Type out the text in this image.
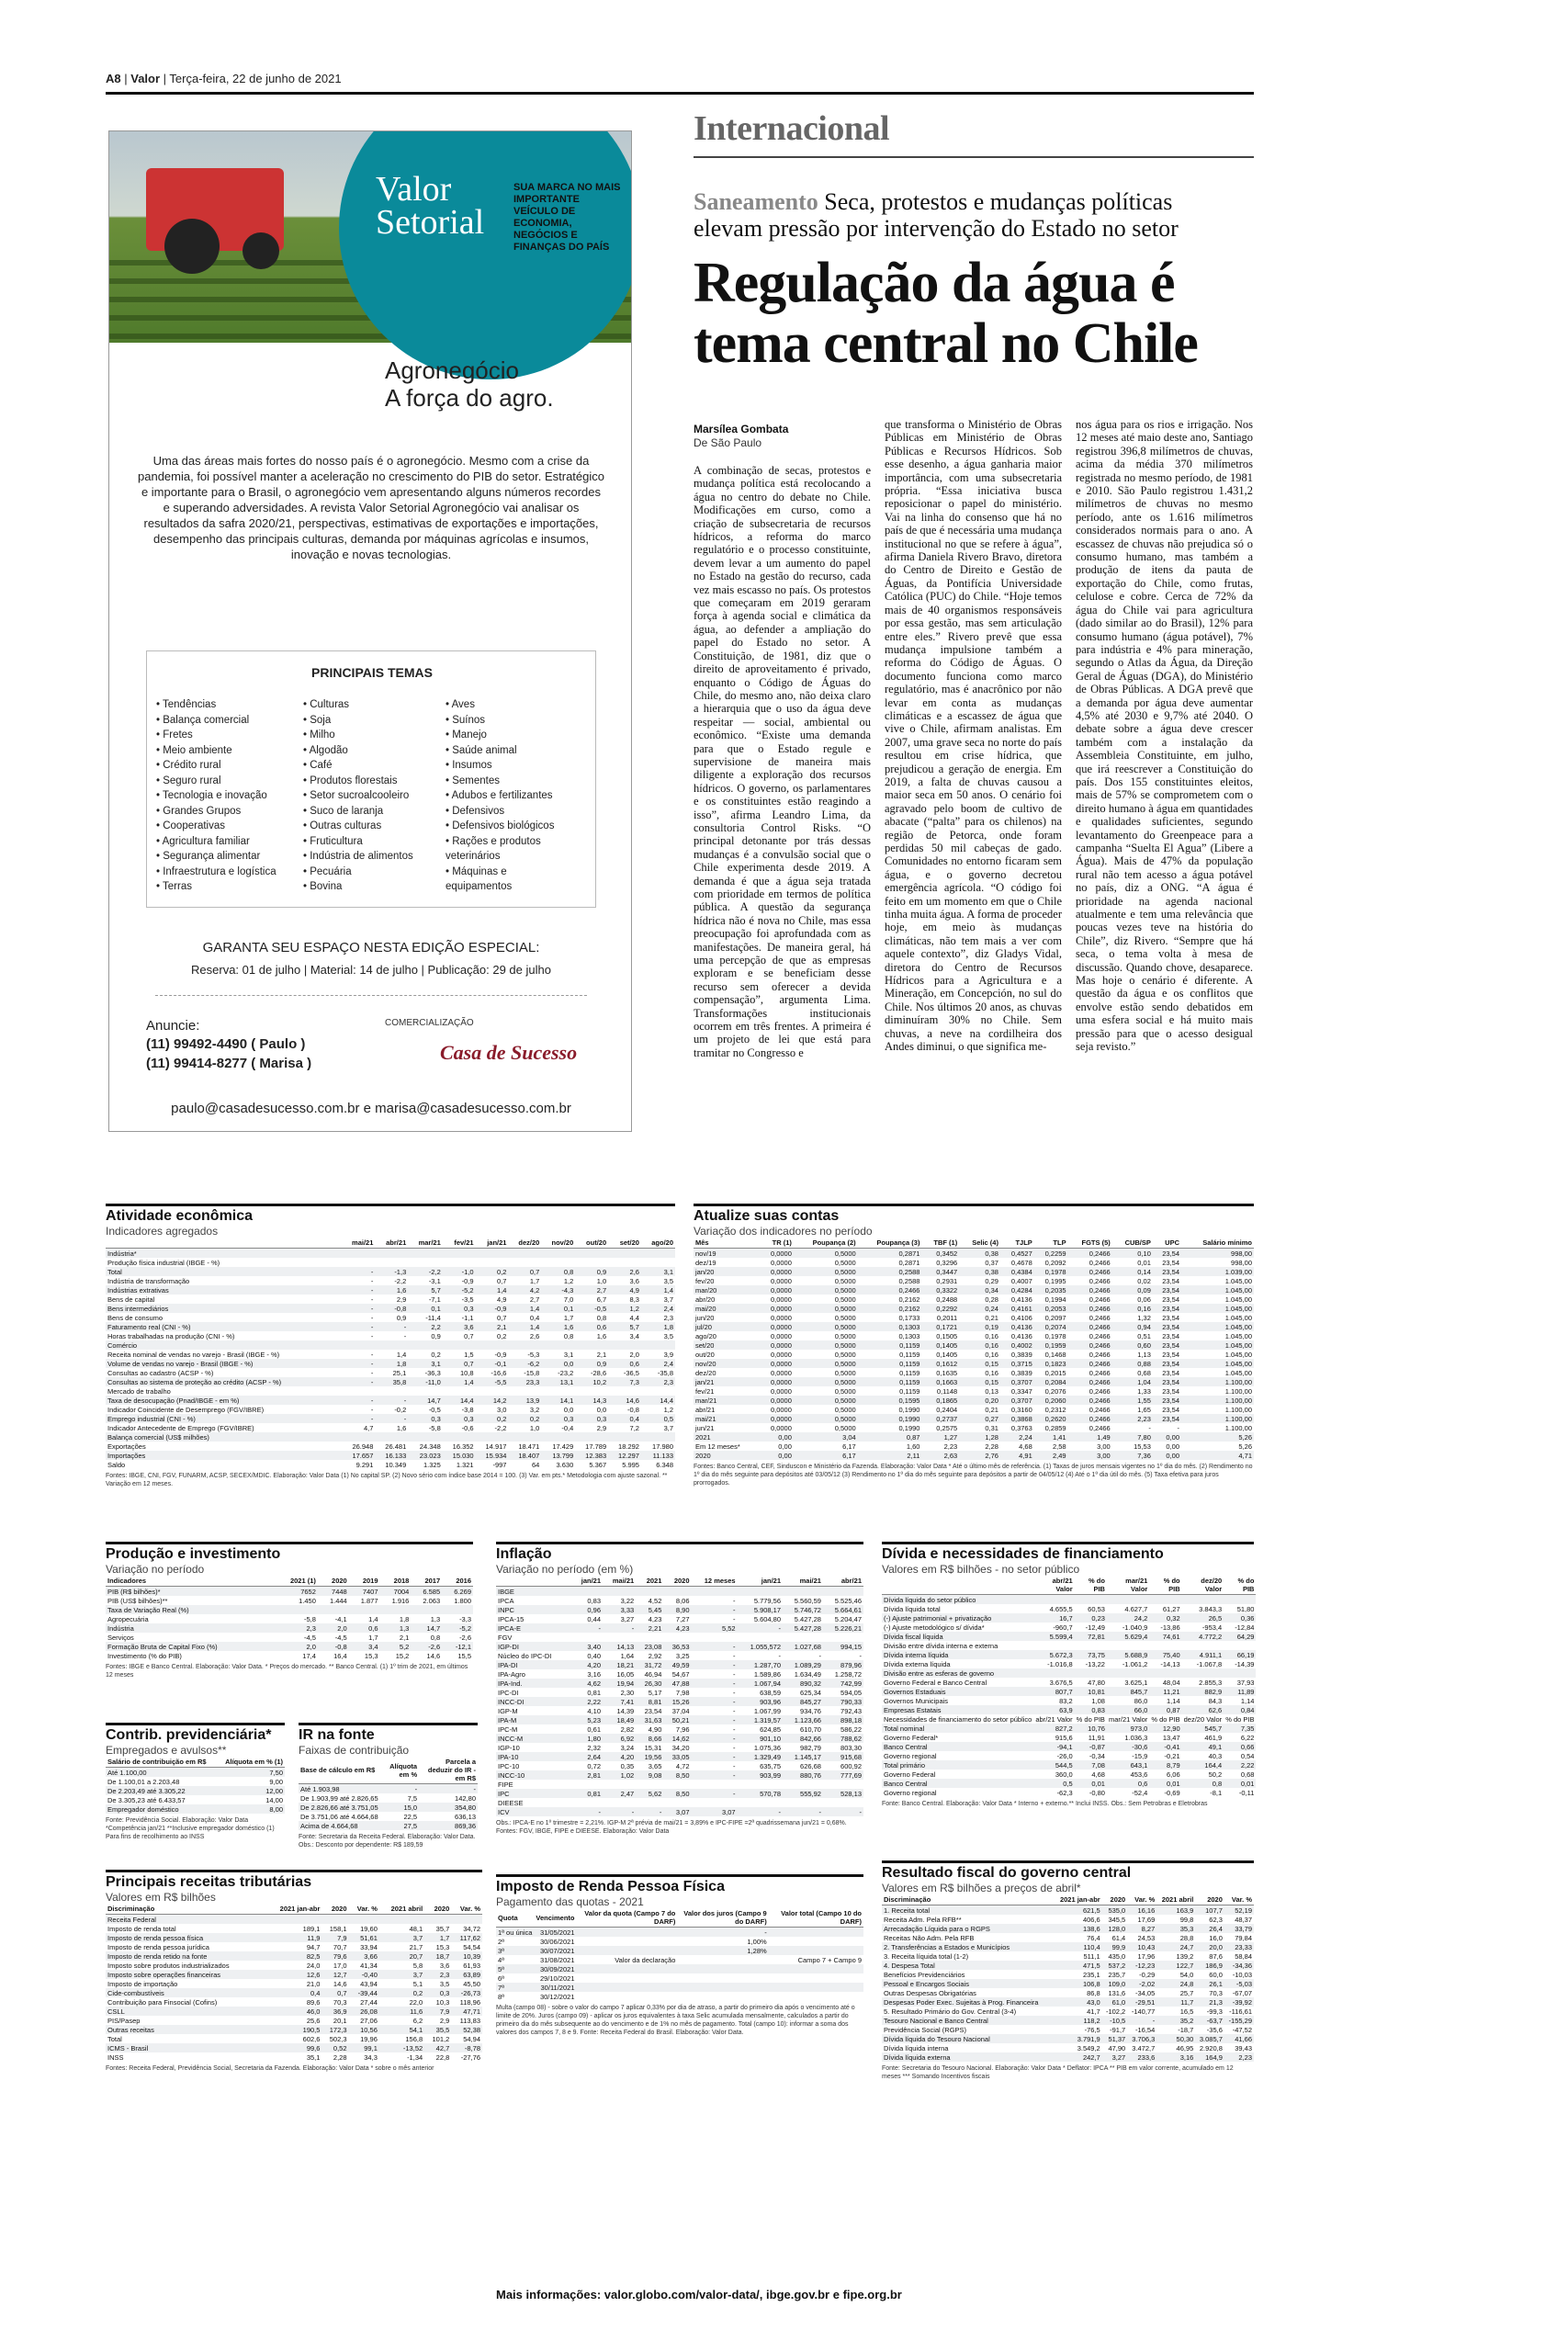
A8 | Valor | Terça-feira, 22 de junho de 2021
Valor
Setorial
SUA MARCA NO MAIS IMPORTANTE VEÍCULO DE ECONOMIA, NEGÓCIOS E FINANÇAS DO PAÍS
Agronegócio
A força do agro.
Uma das áreas mais fortes do nosso país é o agronegócio. Mesmo com a crise da pandemia, foi possível manter a aceleração no crescimento do PIB do setor. Estratégico e importante para o Brasil, o agronegócio vem apresentando alguns números recordes e superando adversidades. A revista Valor Setorial Agronegócio vai analisar os resultados da safra 2020/21, perspectivas, estimativas de exportações e importações, desempenho das principais culturas, demanda por máquinas agrícolas e insumos, inovação e novas tecnologias.
PRINCIPAIS TEMAS
• Tendências
• Balança comercial
• Fretes
• Meio ambiente
• Crédito rural
• Seguro rural
• Tecnologia e inovação
• Grandes Grupos
• Cooperativas
• Agricultura familiar
• Segurança alimentar
• Infraestrutura e logística
• Terras
• Culturas
• Soja
• Milho
• Algodão
• Café
• Produtos florestais
• Setor sucroalcooleiro
• Suco de laranja
• Outras culturas
• Fruticultura
• Indústria de alimentos
• Pecuária
• Bovina
• Aves
• Suínos
• Manejo
• Saúde animal
• Insumos
• Sementes
• Adubos e fertilizantes
• Defensivos
• Defensivos biológicos
• Rações e produtos
veterinários
• Máquinas e
equipamentos
GARANTA SEU ESPAÇO NESTA EDIÇÃO ESPECIAL:
Reserva: 01 de julho | Material: 14 de julho | Publicação: 29 de julho
Anuncie:
(11) 99492-4490 ( Paulo )
(11) 99414-8277 ( Marisa )
COMERCIALIZAÇÃO
Casa de Sucesso
paulo@casadesucesso.com.br e marisa@casadesucesso.com.br
Internacional
Saneamento Seca, protestos e mudanças políticas elevam pressão por intervenção do Estado no setor
Regulação da água é tema central no Chile
Marsílea Gombata
De São Paulo
A combinação de secas, protestos e mudança política está recolocando a água no centro do debate no Chile. Modificações em curso, como a criação de subsecretaria de recursos hídricos, a reforma do marco regulatório e o processo constituinte, devem levar a um aumento do papel no Estado na gestão do recurso, cada vez mais escasso no país. Os protestos que começaram em 2019 geraram força à agenda social e climática da água, ao defender a ampliação do papel do Estado no setor. A Constituição, de 1981, diz que o direito de aproveitamento é privado, enquanto o Código de Águas do Chile, do mesmo ano, não deixa claro a hierarquia que o uso da água deve respeitar — social, ambiental ou econômico. “Existe uma demanda para que o Estado regule e supervisione de maneira mais diligente a exploração dos recursos hídricos. O governo, os parlamentares e os constituintes estão reagindo a isso”, afirma Leandro Lima, da consultoria Control Risks. “O principal detonante por trás dessas mudanças é a convulsão social que o Chile experimenta desde 2019. A demanda é que a água seja tratada com prioridade em termos de política pública. A questão da segurança hídrica não é nova no Chile, mas essa preocupação foi aprofundada com as manifestações. De maneira geral, há uma percepção de que as empresas exploram e se beneficiam desse recurso sem oferecer a devida compensação”, argumenta Lima. Transformações institucionais ocorrem em três frentes. A primeira é um projeto de lei que está para tramitar no Congresso e
que transforma o Ministério de Obras Públicas em Ministério de Obras Públicas e Recursos Hídricos. Sob esse desenho, a água ganharia maior importância, com uma subsecretaria própria. “Essa iniciativa busca reposicionar o papel do ministério. Vai na linha do consenso que há no país de que é necessária uma mudança institucional no que se refere à água”, afirma Daniela Rivero Bravo, diretora do Centro de Direito e Gestão de Águas, da Pontifícia Universidade Católica (PUC) do Chile. “Hoje temos mais de 40 organismos responsáveis por essa gestão, mas sem articulação entre eles.” Rivero prevê que essa mudança impulsione também a reforma do Código de Águas. O documento funciona como marco regulatório, mas é anacrônico por não levar em conta as mudanças climáticas e a escassez de água que vive o Chile, afirmam analistas. Em 2007, uma grave seca no norte do país resultou em crise hídrica, que prejudicou a geração de energia. Em 2019, a falta de chuvas causou a maior seca em 50 anos. O cenário foi agravado pelo boom de cultivo de abacate (“palta” para os chilenos) na região de Petorca, onde foram perdidas 50 mil cabeças de gado. Comunidades no entorno ficaram sem água, e o governo decretou emergência agrícola. “O código foi feito em um momento em que o Chile tinha muita água. A forma de proceder hoje, em meio às mudanças climáticas, não tem mais a ver com aquele contexto”, diz Gladys Vidal, diretora do Centro de Recursos Hídricos para a Agricultura e a Mineração, em Concepción, no sul do Chile. Nos últimos 20 anos, as chuvas diminuíram 30% no Chile. Sem chuvas, a neve na cordilheira dos Andes diminui, o que significa me-
nos água para os rios e irrigação. Nos 12 meses até maio deste ano, Santiago registrou 396,8 milímetros de chuvas, acima da média 370 milímetros registrada no mesmo período, de 1981 e 2010. São Paulo registrou 1.431,2 milímetros de chuvas no mesmo período, ante os 1.616 milímetros considerados normais para o ano. A escassez de chuvas não prejudica só o consumo humano, mas também a produção de itens da pauta de exportação do Chile, como frutas, celulose e cobre. Cerca de 72% da água do Chile vai para agricultura (dado similar ao do Brasil), 12% para consumo humano (água potável), 7% para indústria e 4% para mineração, segundo o Atlas da Água, da Direção Geral de Águas (DGA), do Ministério de Obras Públicas. A DGA prevê que a demanda por água deve aumentar 4,5% até 2030 e 9,7% até 2040. O debate sobre a água deve crescer também com a instalação da Assembleia Constituinte, em julho, que irá reescrever a Constituição do país. Dos 155 constituintes eleitos, mais de 57% se comprometem com o direito humano à água em quantidades e qualidades suficientes, segundo levantamento do Greenpeace para a campanha “Suelta El Agua” (Libere a Água). Mais de 47% da população rural não tem acesso a água potável no país, diz a ONG. “A água é prioridade na agenda nacional atualmente e tem uma relevância que poucas vezes teve na história do Chile”, diz Rivero. “Sempre que há seca, o tema volta à mesa de discussão. Quando chove, desaparece. Mas hoje o cenário é diferente. A questão da água e os conflitos que envolve estão sendo debatidos em uma esfera social e há muito mais pressão para que o acesso desigual seja revisto.”
Atividade econômica
Indicadores agregados
	mai/21	abr/21	mar/21	fev/21	jan/21	dez/20	nov/20	out/20	set/20	ago/20
Indústria*										
Produção física industrial (IBGE - %)										
Total	-	-1,3	-2,2	-1,0	0,2	0,7	0,8	0,9	2,6	3,1
Indústria de transformação	-	-2,2	-3,1	-0,9	0,7	1,7	1,2	1,0	3,6	3,5
Indústrias extrativas	-	1,6	5,7	-5,2	1,4	4,2	-4,3	2,7	4,9	1,4
Bens de capital	-	2,9	-7,1	-3,5	4,9	2,7	7,0	6,7	8,3	3,7
Bens intermediários	-	-0,8	0,1	0,3	-0,9	1,4	0,1	-0,5	1,2	2,4
Bens de consumo	-	0,9	-11,4	-1,1	0,7	0,4	1,7	0,8	4,4	2,3
Faturamento real (CNI - %)	-	-	2,2	3,6	2,1	1,4	1,6	0,6	5,7	1,8
Horas trabalhadas na produção (CNI - %)	-	-	0,9	0,7	0,2	2,6	0,8	1,6	3,4	3,5
Comércio										
Receita nominal de vendas no varejo - Brasil (IBGE - %)	-	1,4	0,2	1,5	-0,9	-5,3	3,1	2,1	2,0	3,9
Volume de vendas no varejo - Brasil (IBGE - %)	-	1,8	3,1	0,7	-0,1	-6,2	0,0	0,9	0,6	2,4
Consultas ao cadastro (ACSP - %)	-	25,1	-36,3	10,8	-16,6	-15,8	-23,2	-28,6	-36,5	-35,8
Consultas ao sistema de proteção ao crédito (ACSP - %)	-	35,8	-11,0	1,4	-5,5	23,3	13,1	10,2	7,3	2,3
Mercado de trabalho										
Taxa de desocupação (Pnad/IBGE - em %)	-	-	14,7	14,4	14,2	13,9	14,1	14,3	14,6	14,4
Indicador Coincidente de Desemprego (FGV/IBRE)	-	-0,2	-0,5	-3,8	3,0	3,2	0,0	0,0	-0,8	1,2
Emprego industrial (CNI - %)	-	-	0,3	0,3	0,2	0,2	0,3	0,3	0,4	0,5
Indicador Antecedente de Emprego (FGV/IBRE)	4,7	1,6	-5,8	-0,6	-2,2	1,0	-0,4	2,9	7,2	3,7
Balança comercial (US$ milhões)										
Exportações	26.948	26.481	24.348	16.352	14.917	18.471	17.429	17.789	18.292	17.980
Importações	17.657	16.133	23.023	15.030	15.934	18.407	13.799	12.383	12.297	11.133
Saldo	9.291	10.349	1.325	1.321	-997	64	3.630	5.367	5.995	6.348
Fontes: IBGE, CNI, FGV, FUNARM, ACSP, SECEX/MDIC. Elaboração: Valor Data (1) No capital SP. (2) Novo sério com índice base 2014 = 100. (3) Var. em pts.* Metodologia com ajuste sazonal. ** Variação em 12 meses.
Atualize suas contas
Variação dos indicadores no período
Mês	TR (1)	Poupança (2)	Poupança (3)	TBF (1)	Selic (4)	TJLP	TLP	FGTS (5)	CUB/SP	UPC	Salário mínimo
nov/19	0,0000	0,5000	0,2871	0,3452	0,38	0,4527	0,2259	0,2466	0,10	23,54	998,00
dez/19	0,0000	0,5000	0,2871	0,3296	0,37	0,4678	0,2092	0,2466	0,01	23,54	998,00
jan/20	0,0000	0,5000	0,2588	0,3447	0,38	0,4384	0,1978	0,2466	0,14	23,54	1.039,00
fev/20	0,0000	0,5000	0,2588	0,2931	0,29	0,4007	0,1995	0,2466	0,02	23,54	1.045,00
mar/20	0,0000	0,5000	0,2466	0,3322	0,34	0,4284	0,2035	0,2466	0,09	23,54	1.045,00
abr/20	0,0000	0,5000	0,2162	0,2488	0,28	0,4136	0,1994	0,2466	0,06	23,54	1.045,00
mai/20	0,0000	0,5000	0,2162	0,2292	0,24	0,4161	0,2053	0,2466	0,16	23,54	1.045,00
jun/20	0,0000	0,5000	0,1733	0,2011	0,21	0,4106	0,2097	0,2466	1,32	23,54	1.045,00
jul/20	0,0000	0,5000	0,1303	0,1721	0,19	0,4136	0,2074	0,2466	0,94	23,54	1.045,00
ago/20	0,0000	0,5000	0,1303	0,1505	0,16	0,4136	0,1978	0,2466	0,51	23,54	1.045,00
set/20	0,0000	0,5000	0,1159	0,1405	0,16	0,4002	0,1959	0,2466	0,60	23,54	1.045,00
out/20	0,0000	0,5000	0,1159	0,1405	0,16	0,3839	0,1468	0,2466	1,13	23,54	1.045,00
nov/20	0,0000	0,5000	0,1159	0,1612	0,15	0,3715	0,1823	0,2466	0,88	23,54	1.045,00
dez/20	0,0000	0,5000	0,1159	0,1635	0,16	0,3839	0,2015	0,2466	0,68	23,54	1.045,00
jan/21	0,0000	0,5000	0,1159	0,1663	0,15	0,3707	0,2084	0,2466	1,04	23,54	1.100,00
fev/21	0,0000	0,5000	0,1159	0,1148	0,13	0,3347	0,2076	0,2466	1,33	23,54	1.100,00
mar/21	0,0000	0,5000	0,1595	0,1865	0,20	0,3707	0,2060	0,2466	1,55	23,54	1.100,00
abr/21	0,0000	0,5000	0,1990	0,2404	0,21	0,3160	0,2312	0,2466	1,65	23,54	1.100,00
mai/21	0,0000	0,5000	0,1990	0,2737	0,27	0,3868	0,2620	0,2466	2,23	23,54	1.100,00
jun/21	0,0000	0,5000	0,1990	0,2575	0,31	0,3763	0,2859	0,2466	-	-	1.100,00
2021	0,00	3,04	0,87	1,27	1,28	2,24	1,41	1,49	7,80	0,00	5,26
Em 12 meses*	0,00	6,17	1,60	2,23	2,28	4,68	2,58	3,00	15,53	0,00	5,26
2020	0,00	6,17	2,11	2,63	2,76	4,91	2,49	3,00	7,36	0,00	4,71
Fontes: Banco Central, CEF, Sinduscon e Ministério da Fazenda. Elaboração: Valor Data * Até o último mês de referência. (1) Taxas de juros mensais vigentes no 1º dia do mês. (2) Rendimento no 1º dia do mês seguinte para depósitos até 03/05/12 (3) Rendimento no 1º dia do mês seguinte para depósitos a partir de 04/05/12 (4) Até o 1º dia útil do mês. (5) Taxa efetiva para juros prorrogados.
Produção e investimento
Variação no período
Indicadores	2021 (1)	2020	2019	2018	2017	2016
PIB (R$ bilhões)*	7652	7448	7407	7004	6.585	6.269
PIB (US$ bilhões)**	1.450	1.444	1.877	1.916	2.063	1.800
Taxa de Variação Real (%)						
Agropecuária	-5,8	-4,1	1,4	1,8	1,3	-3,3
Indústria	2,3	2,0	0,6	1,3	14,7	-5,2
Serviços	-4,5	-4,5	1,7	2,1	0,8	-2,6
Formação Bruta de Capital Fixo (%)	2,0	-0,8	3,4	5,2	-2,6	-12,1
Investimento (% do PIB)	17,4	16,4	15,3	15,2	14,6	15,5
Fontes: IBGE e Banco Central. Elaboração: Valor Data. * Preços do mercado. ** Banco Central. (1) 1º trim de 2021, em últimos 12 meses
Inflação
Variação no período (em %)
	jan/21	mai/21	2021	2020	12 meses	jan/21	mai/21	abr/21
IBGE								
IPCA	0,83	3,22	4,52	8,06	-	5.779,56	5.560,59	5.525,46
INPC	0,96	3,33	5,45	8,90	-	5.908,17	5.746,72	5.664,61
IPCA-15	0,44	3,27	4,23	7,27	-	5.604,80	5.427,28	5.204,47
IPCA-E	-	-	2,21	4,23	5,52	-	5.427,28	5.226,21
FGV								
IGP-DI	3,40	14,13	23,08	36,53	-	1.055,572	1.027,68	994,15
Núcleo do IPC-DI	0,40	1,64	2,92	3,25	-	-	-	-
IPA-DI	4,20	18,21	31,72	49,59	-	1.287,70	1.089,29	879,96
IPA-Agro	3,16	16,05	46,94	54,67	-	1.589,86	1.634,49	1.258,72
IPA-Ind.	4,62	19,94	26,30	47,88	-	1.067,94	890,32	742,99
IPC-DI	0,81	2,30	5,17	7,98	-	638,59	625,34	594,05
INCC-DI	2,22	7,41	8,81	15,26	-	903,96	845,27	790,33
IGP-M	4,10	14,39	23,54	37,04	-	1.067,99	934,76	792,43
IPA-M	5,23	18,49	31,63	50,21	-	1.319,57	1.123,66	898,18
IPC-M	0,61	2,82	4,90	7,96	-	624,85	610,70	586,22
INCC-M	1,80	6,92	8,66	14,62	-	901,10	842,66	788,62
IGP-10	2,32	3,24	15,31	34,20	-	1.075,36	982,79	803,30
IPA-10	2,64	4,20	19,56	33,05	-	1.329,49	1.145,17	915,68
IPC-10	0,72	0,35	3,65	4,72	-	635,75	626,68	600,92
INCC-10	2,81	1,02	9,08	8,50	-	903,99	880,76	777,69
FIPE								
IPC	0,81	2,47	5,62	8,50	-	570,78	555,92	528,13
DIEESE								
ICV	-	-	-	3,07	3,07	-	-	-
Obs.: IPCA-E no 1º trimestre = 2,21%. IGP-M 2ª prévia de mai/21 = 3,89% e IPC-FIPE =2ª quadrissemana jun/21 = 0,68%. Fontes: FGV, IBGE, FIPE e DIEESE. Elaboração: Valor Data
Dívida e necessidades de financiamento
Valores em R$ bilhões - no setor público
	abr/21 Valor	% do PIB	mar/21 Valor	% do PIB	dez/20 Valor	% do PIB
Dívida líquida do setor público						
Dívida líquida total	4.655,5	60,53	4.627,7	61,27	3.843,3	51,80
(-) Ajuste patrimonial + privatização	16,7	0,23	24,2	0,32	26,5	0,36
(-) Ajuste metodológico s/ dívida*	-960,7	-12,49	-1.040,9	-13,86	-953,4	-12,84
Dívida fiscal líquida	5.599,4	72,81	5.629,4	74,61	4.772,2	64,29
Divisão entre dívida interna e externa						
Dívida interna líquida	5.672,3	73,75	5.688,9	75,40	4.911,1	66,19
Dívida externa líquida	-1.016,8	-13,22	-1.061,2	-14,13	-1.067,8	-14,39
Divisão entre as esferas de governo						
Governo Federal e Banco Central	3.676,5	47,80	3.625,1	48,04	2.855,3	37,93
Governos Estaduais	807,7	10,81	845,7	11,21	882,9	11,89
Governos Municipais	83,2	1,08	86,0	1,14	84,3	1,14
Empresas Estatais	63,9	0,83	66,0	0,87	62,6	0,84
Necessidades de financiamento do setor público	abr/21 Valor	% do PIB	mar/21 Valor	% do PIB	dez/20 Valor	% do PIB
Total nominal	827,2	10,76	973,0	12,90	545,7	7,35
Governo Federal*	915,6	11,91	1.036,3	13,47	461,9	6,22
Banco Central	-94,1	-0,87	-30,6	-0,41	49,1	0,66
Governo regional	-26,0	-0,34	-15,9	-0,21	40,3	0,54
Total primário	544,5	7,08	643,1	8,79	164,4	2,22
Governo Federal	360,0	4,68	453,6	6,06	50,2	0,68
Banco Central	0,5	0,01	0,6	0,01	0,8	0,01
Governo regional	-62,3	-0,80	-52,4	-0,69	-8,1	-0,11
Fonte: Banco Central. Elaboração: Valor Data * Interno + externo.** Inclui INSS. Obs.: Sem Petrobras e Eletrobras
Contrib. previdenciária*
Empregados e avulsos**
Salário de contribuição em R$	Alíquota em % (1)
Até 1.100,00	7,50
De 1.100,01 a 2.203,48	9,00
De 2.203,49 até 3.305,22	12,00
De 3.305,23 até 6.433,57	14,00
Empregador doméstico	8,00
Fonte: Previdência Social. Elaboração: Valor Data *Competência jan/21 **Inclusive empregador doméstico (1) Para fins de recolhimento ao INSS
IR na fonte
Faixas de contribuição
Base de cálculo em R$	Alíquota em %	Parcela a deduzir do IR - em R$
Até 1.903,98	-	-
De 1.903,99 até 2.826,65	7,5	142,80
De 2.826,66 até 3.751,05	15,0	354,80
De 3.751,06 até 4.664,68	22,5	636,13
Acima de 4.664,68	27,5	869,36
Fonte: Secretaria da Receita Federal. Elaboração: Valor Data. Obs.: Desconto por dependente: R$ 189,59
Principais receitas tributárias
Valores em R$ bilhões
Discriminação	2021 jan-abr	2020	Var. %	2021 abril	2020	Var. %
Receita Federal						
Imposto de renda total	189,1	158,1	19,60	48,1	35,7	34,72
Imposto de renda pessoa física	11,9	7,9	51,61	3,7	1,7	117,62
Imposto de renda pessoa jurídica	94,7	70,7	33,94	21,7	15,3	54,54
Imposto de renda retido na fonte	82,5	79,6	3,66	20,7	18,7	10,39
Imposto sobre produtos industrializados	24,0	17,0	41,34	5,8	3,6	61,93
Imposto sobre operações financeiras	12,6	12,7	-0,40	3,7	2,3	63,89
Imposto de importação	21,0	14,6	43,94	5,1	3,5	45,50
Cide-combustíveis	0,4	0,7	-39,44	0,2	0,3	-26,73
Contribuição para Finsocial (Cofins)	89,6	70,3	27,44	22,0	10,3	118,96
CSLL	46,0	36,9	26,08	11,6	7,9	47,71
PIS/Pasep	25,6	20,1	27,06	6,2	2,9	113,83
Outras receitas	190,5	172,3	10,56	54,1	35,5	52,38
Total	602,6	502,3	19,96	156,8	101,2	54,94
ICMS - Brasil	99,6	0,52	99,1	-13,52	42,7	-8,78
INSS	35,1	2,28	34,3	-1,34	22,8	-27,76
Fontes: Receita Federal, Previdência Social, Secretaria da Fazenda. Elaboração: Valor Data * sobre o mês anterior
Imposto de Renda Pessoa Física
Pagamento das quotas - 2021
Quota	Vencimento	Valor da quota (Campo 7 do DARF)	Valor dos juros (Campo 9 do DARF)	Valor total (Campo 10 do DARF)
1ª ou única	31/05/2021		-	
2ª	30/06/2021		1,00%	
3ª	30/07/2021		1,28%	
4ª	31/08/2021	Valor da declaração		Campo 7 + Campo 9
5ª	30/09/2021			
6ª	29/10/2021			
7ª	30/11/2021			
8ª	30/12/2021			
Multa (campo 08) - sobre o valor do campo 7 aplicar 0,33% por dia de atraso, a partir do primeiro dia após o vencimento até o limite de 20%. Juros (campo 09) - aplicar os juros equivalentes à taxa Selic acumulada mensalmente, calculados a partir do primeiro dia do mês subsequente ao do vencimento e de 1% no mês de pagamento. Total (campo 10): informar a soma dos valores dos campos 7, 8 e 9. Fonte: Receita Federal do Brasil. Elaboração: Valor Data.
Resultado fiscal do governo central
Valores em R$ bilhões a preços de abril*
Discriminação	2021 jan-abr	2020	Var. %	2021 abril	2020	Var. %
1. Receita total	621,5	535,0	16,16	163,9	107,7	52,19
Receita Adm. Pela RFB**	406,6	345,5	17,69	99,8	62,3	48,37
Arrecadação Líquida para o RGPS	138,6	128,0	8,27	35,3	26,4	33,79
Receitas Não Adm. Pela RFB	76,4	61,4	24,53	28,8	16,0	79,84
2. Transferências a Estados e Municípios	110,4	99,9	10,43	24,7	20,0	23,33
3. Receita líquida total (1-2)	511,1	435,0	17,96	139,2	87,6	58,84
4. Despesa Total	471,5	537,2	-12,23	122,7	186,9	-34,36
Benefícios Previdenciários	235,1	235,7	-0,29	54,0	60,0	-10,03
Pessoal e Encargos Sociais	106,8	109,0	-2,02	24,8	26,1	-5,03
Outras Despesas Obrigatórias	86,8	131,6	-34,05	25,7	70,3	-67,07
Despesas Poder Exec. Sujeitas à Prog. Financeira	43,0	61,0	-29,51	11,7	21,3	-39,92
5. Resultado Primário do Gov. Central (3-4)	41,7	-102,2	-140,77	16,5	-99,3	-116,61
Tesouro Nacional e Banco Central	118,2	-10,5	-	35,2	-63,7	-155,29
Previdência Social (RGPS)	-76,5	-91,7	-16,54	-18,7	-35,6	-47,52
Dívida líquida do Tesouro Nacional	3.791,9	51,37	3.706,3	50,30	3.085,7	41,66
Dívida líquida interna	3.549,2	47,90	3.472,7	46,95	2.920,8	39,43
Dívida líquida externa	242,7	3,27	233,6	3,16	164,9	2,23
Fonte: Secretaria do Tesouro Nacional. Elaboração: Valor Data * Deflator: IPCA ** PIB em valor corrente, acumulado em 12 meses *** Somando Incentivos fiscais
Mais informações: valor.globo.com/valor-data/, ibge.gov.br e fipe.org.br
